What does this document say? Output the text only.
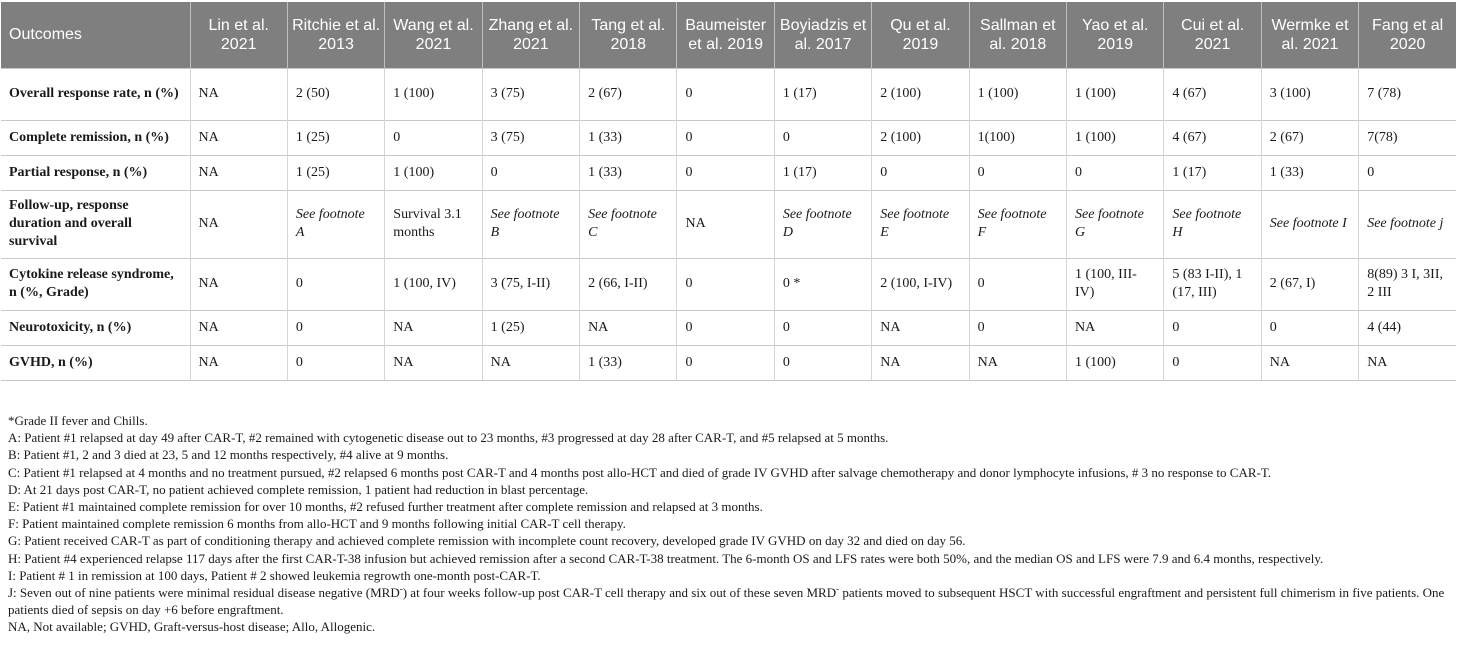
Outcomes	Lin et al. 2021	Ritchie et al. 2013	Wang et al. 2021	Zhang et al. 2021	Tang et al. 2018	Baumeister et al. 2019	Boyiadzis et al. 2017	Qu et al. 2019	Sallman et al. 2018	Yao et al. 2019	Cui et al. 2021	Wermke et al. 2021	Fang et al 2020
Overall response rate, n (%)	NA	2 (50)	1 (100)	3 (75)	2 (67)	0	1 (17)	2 (100)	1 (100)	1 (100)	4 (67)	3 (100)	7 (78)
Complete remission, n (%)	NA	1 (25)	0	3 (75)	1 (33)	0	0	2 (100)	1(100)	1 (100)	4 (67)	2 (67)	7(78)
Partial response, n (%)	NA	1 (25)	1 (100)	0	1 (33)	0	1 (17)	0	0	0	1 (17)	1 (33)	0
Follow-up, response duration and overall survival	NA	See footnote A	Survival 3.1 months	See footnote B	See footnote C	NA	See footnote D	See footnote E	See footnote F	See footnote G	See footnote H	See footnote I	See footnote j
Cytokine release syndrome, n (%, Grade)	NA	0	1 (100, IV)	3 (75, I-II)	2 (66, I-II)	0	0 *	2 (100, I-IV)	0	1 (100, III-IV)	5 (83 I-II), 1 (17, III)	2 (67, I)	8(89) 3 I, 3II, 2 III
Neurotoxicity, n (%)	NA	0	NA	1 (25)	NA	0	0	NA	0	NA	0	0	4 (44)
GVHD, n (%)	NA	0	NA	NA	1 (33)	0	0	NA	NA	1 (100)	0	NA	NA
*Grade II fever and Chills.
A: Patient #1 relapsed at day 49 after CAR-T, #2 remained with cytogenetic disease out to 23 months, #3 progressed at day 28 after CAR-T, and #5 relapsed at 5 months.
B: Patient #1, 2 and 3 died at 23, 5 and 12 months respectively, #4 alive at 9 months.
C: Patient #1 relapsed at 4 months and no treatment pursued, #2 relapsed 6 months post CAR-T and 4 months post allo-HCT and died of grade IV GVHD after salvage chemotherapy and donor lymphocyte infusions, # 3 no response to CAR-T.
D: At 21 days post CAR-T, no patient achieved complete remission, 1 patient had reduction in blast percentage.
E: Patient #1 maintained complete remission for over 10 months, #2 refused further treatment after complete remission and relapsed at 3 months.
F: Patient maintained complete remission 6 months from allo-HCT and 9 months following initial CAR-T cell therapy.
G: Patient received CAR-T as part of conditioning therapy and achieved complete remission with incomplete count recovery, developed grade IV GVHD on day 32 and died on day 56.
H: Patient #4 experienced relapse 117 days after the first CAR-T-38 infusion but achieved remission after a second CAR-T-38 treatment. The 6-month OS and LFS rates were both 50%, and the median OS and LFS were 7.9 and 6.4 months, respectively.
I: Patient # 1 in remission at 100 days, Patient # 2 showed leukemia regrowth one-month post-CAR-T.
J: Seven out of nine patients were minimal residual disease negative (MRD-) at four weeks follow-up post CAR-T cell therapy and six out of these seven MRD- patients moved to subsequent HSCT with successful engraftment and persistent full chimerism in five patients. One patients died of sepsis on day +6 before engraftment.
NA, Not available; GVHD, Graft-versus-host disease; Allo, Allogenic.
